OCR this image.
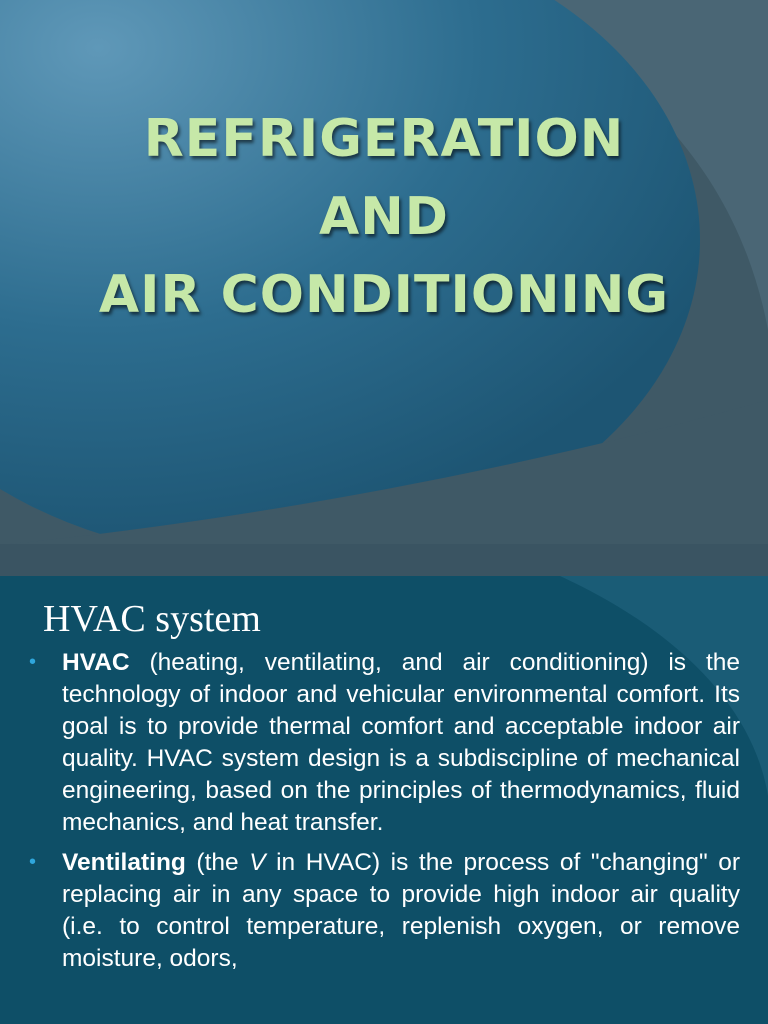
REFRIGERATION
AND
AIR CONDITIONING
HVAC system
• HVAC (heating, ventilating, and air conditioning) is the technology of indoor and vehicular environmental comfort. Its goal is to provide thermal comfort and acceptable indoor air quality. HVAC system design is a subdiscipline of mechanical engineering, based on the principles of thermodynamics, fluid mechanics, and heat transfer.
• Ventilating (the V in HVAC) is the process of "changing" or replacing air in any space to provide high indoor air quality (i.e. to control temperature, replenish oxygen, or remove moisture, odors,
